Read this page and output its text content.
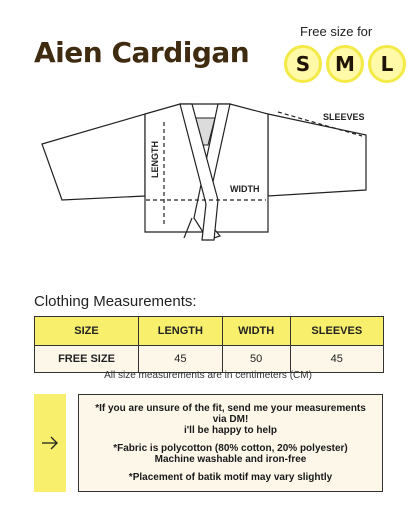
Aien Cardigan
Free size for
S	M	L
LENGTH
WIDTH
SLEEVES
Clothing Measurements:
SIZE	LENGTH	WIDTH	SLEEVES
FREE SIZE	45	50	45
All size measurements are in centimeters (CM)

*If you are unsure of the fit, send me your measurements
via DM!
i'll be happy to help

*Fabric is polycotton (80% cotton, 20% polyester)
Machine washable and iron-free

*Placement of batik motif may vary slightly
